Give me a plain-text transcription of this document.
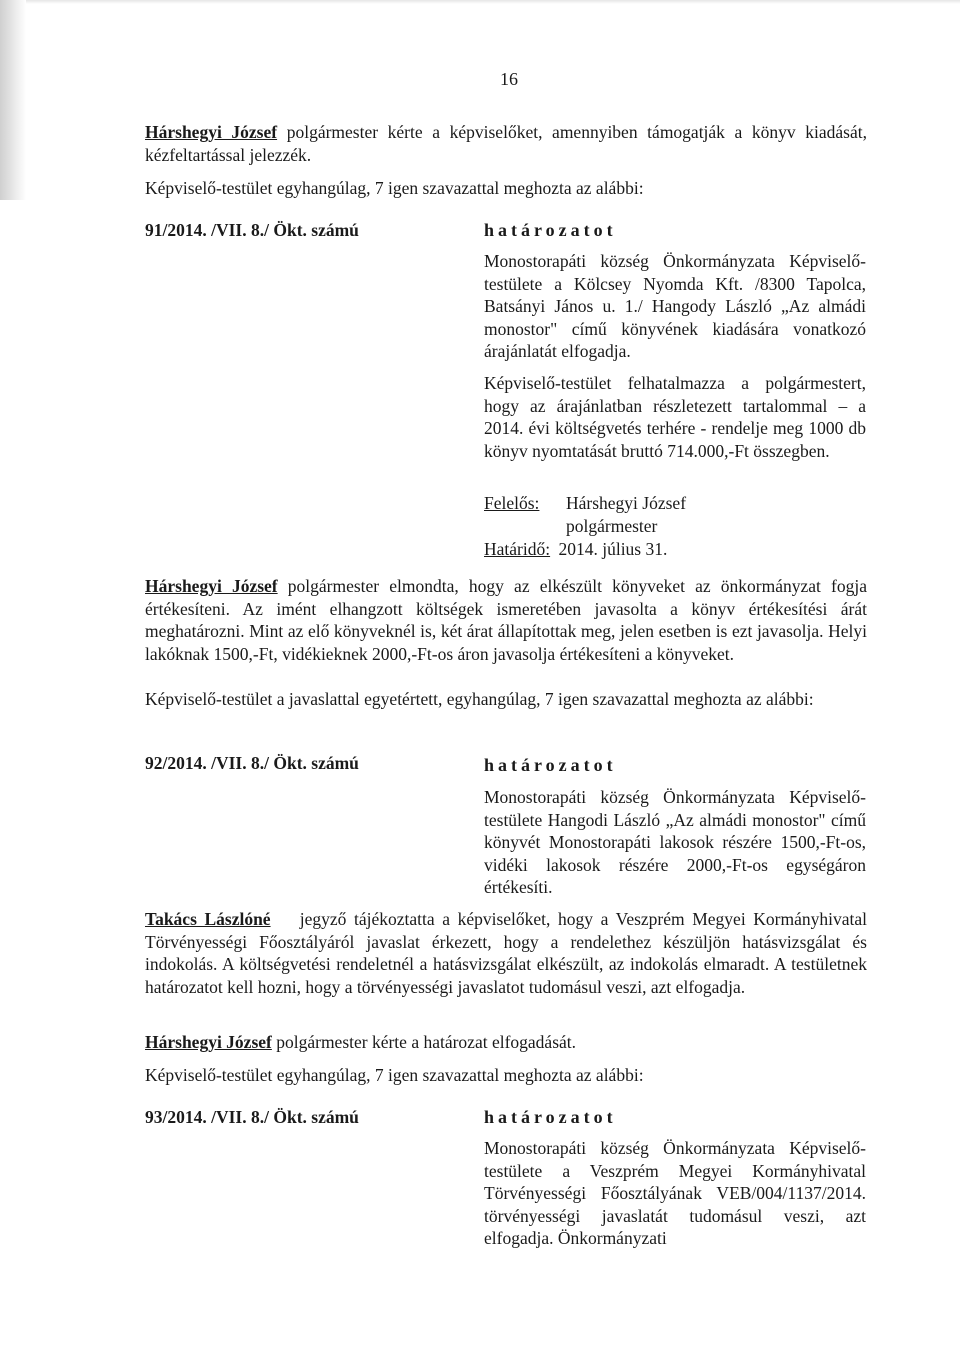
16
Hárshegyi József polgármester kérte a képviselőket, amennyiben támogatják a könyv kiadását, kézfeltartással jelezzék.
Képviselő-testület egyhangúlag, 7 igen szavazattal meghozta az alábbi:
91/2014. /VII. 8./ Ökt. számú	határozatot
Monostorapáti község Önkormányzata Képviselő-testülete a Kölcsey Nyomda Kft. /8300 Tapolca, Batsányi János u. 1./ Hangody László „Az almádi monostor" című könyvének kiadására vonatkozó árajánlatát elfogadja.
Képviselő-testület felhatalmazza a polgármestert, hogy az árajánlatban részletezett tartalommal – a 2014. évi költségvetés terhére - rendelje meg 1000 db könyv nyomtatását bruttó 714.000,-Ft összegben.
Felelős: Hárshegyi József
polgármester
Határidő: 2014. július 31.
Hárshegyi József polgármester elmondta, hogy az elkészült könyveket az önkormányzat fogja értékesíteni. Az imént elhangzott költségek ismeretében javasolta a könyv értékesítési árát meghatározni. Mint az elő könyveknél is, két árat állapítottak meg, jelen esetben is ezt javasolja. Helyi lakóknak 1500,-Ft, vidékieknek 2000,-Ft-os áron javasolja értékesíteni a könyveket.
Képviselő-testület a javaslattal egyetértett, egyhangúlag, 7 igen szavazattal meghozta az alábbi:
92/2014. /VII. 8./ Ökt. számú	határozatot
Monostorapáti község Önkormányzata Képviselő-testülete Hangodi László „Az almádi monostor" című könyvét Monostorapáti lakosok részére 1500,-Ft-os, vidéki lakosok részére 2000,-Ft-os egységáron értékesíti.
Takács Lászlóné jegyző tájékoztatta a képviselőket, hogy a Veszprém Megyei Kormányhivatal Törvényességi Főosztályáról javaslat érkezett, hogy a rendelethez készüljön hatásvizsgálat és indokolás. A költségvetési rendeletnél a hatásvizsgálat elkészült, az indokolás elmaradt. A testületnek határozatot kell hozni, hogy a törvényességi javaslatot tudomásul veszi, azt elfogadja.
Hárshegyi József polgármester kérte a határozat elfogadását.
Képviselő-testület egyhangúlag, 7 igen szavazattal meghozta az alábbi:
93/2014. /VII. 8./ Ökt. számú	határozatot
Monostorapáti község Önkormányzata Képviselő-testülete a Veszprém Megyei Kormányhivatal Törvényességi Főosztályának VEB/004/1137/2014. törvényességi javaslatát tudomásul veszi, azt elfogadja. Önkormányzati
